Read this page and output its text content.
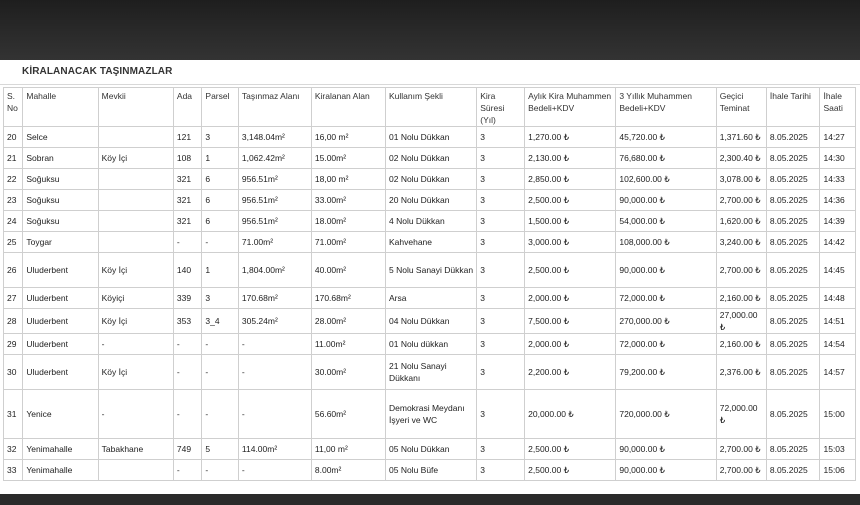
KİRALANACAK TAŞINMAZLAR
S. No	Mahalle	Mevkii	Ada	Parsel	Taşınmaz Alanı	Kiralanan Alan	Kullanım Şekli	Kira Süresi (Yıl)	Aylık Kira Muhammen Bedeli+KDV	3 Yıllık Muhammen Bedeli+KDV	Geçici Teminat	İhale Tarihi	İhale Saati
20	Selce		121	3	3,148.04m²	16,00 m²	01 Nolu Dükkan	3	1,270.00 ₺	45,720.00 ₺	1,371.60 ₺	8.05.2025	14:27
21	Sobran	Köy İçi	108	1	1,062.42m²	15.00m²	02 Nolu Dükkan	3	2,130.00 ₺	76,680.00 ₺	2,300.40 ₺	8.05.2025	14:30
22	Soğuksu		321	6	956.51m²	18,00 m²	02 Nolu Dükkan	3	2,850.00 ₺	102,600.00 ₺	3,078.00 ₺	8.05.2025	14:33
23	Soğuksu		321	6	956.51m²	33.00m²	20 Nolu Dükkan	3	2,500.00 ₺	90,000.00 ₺	2,700.00 ₺	8.05.2025	14:36
24	Soğuksu		321	6	956.51m²	18.00m²	4 Nolu Dükkan	3	1,500.00 ₺	54,000.00 ₺	1,620.00 ₺	8.05.2025	14:39
25	Toygar		-	-	71.00m²	71.00m²	Kahvehane	3	3,000.00 ₺	108,000.00 ₺	3,240.00 ₺	8.05.2025	14:42
26	Uluderbent	Köy İçi	140	1	1,804.00m²	40.00m²	5 Nolu Sanayi Dükkan	3	2,500.00 ₺	90,000.00 ₺	2,700.00 ₺	8.05.2025	14:45
27	Uluderbent	Köyiçi	339	3	170.68m²	170.68m²	Arsa	3	2,000.00 ₺	72,000.00 ₺	2,160.00 ₺	8.05.2025	14:48
28	Uluderbent	Köy İçi	353	3_4	305.24m²	28.00m²	04 Nolu Dükkan	3	7,500.00 ₺	270,000.00 ₺	27,000.00 ₺	8.05.2025	14:51
29	Uluderbent	-	-	-	-	11.00m²	01 Nolu dükkan	3	2,000.00 ₺	72,000.00 ₺	2,160.00 ₺	8.05.2025	14:54
30	Uluderbent	Köy İçi	-	-	-	30.00m²	21 Nolu Sanayi Dükkanı	3	2,200.00 ₺	79,200.00 ₺	2,376.00 ₺	8.05.2025	14:57
31	Yenice	-	-	-	-	56.60m²	Demokrasi Meydanı İşyeri ve WC	3	20,000.00 ₺	720,000.00 ₺	72,000.00 ₺	8.05.2025	15:00
32	Yenimahalle	Tabakhane	749	5	114.00m²	11,00 m²	05 Nolu Dükkan	3	2,500.00 ₺	90,000.00 ₺	2,700.00 ₺	8.05.2025	15:03
33	Yenimahalle		-	-	-	8.00m²	05 Nolu Büfe	3	2,500.00 ₺	90,000.00 ₺	2,700.00 ₺	8.05.2025	15:06
